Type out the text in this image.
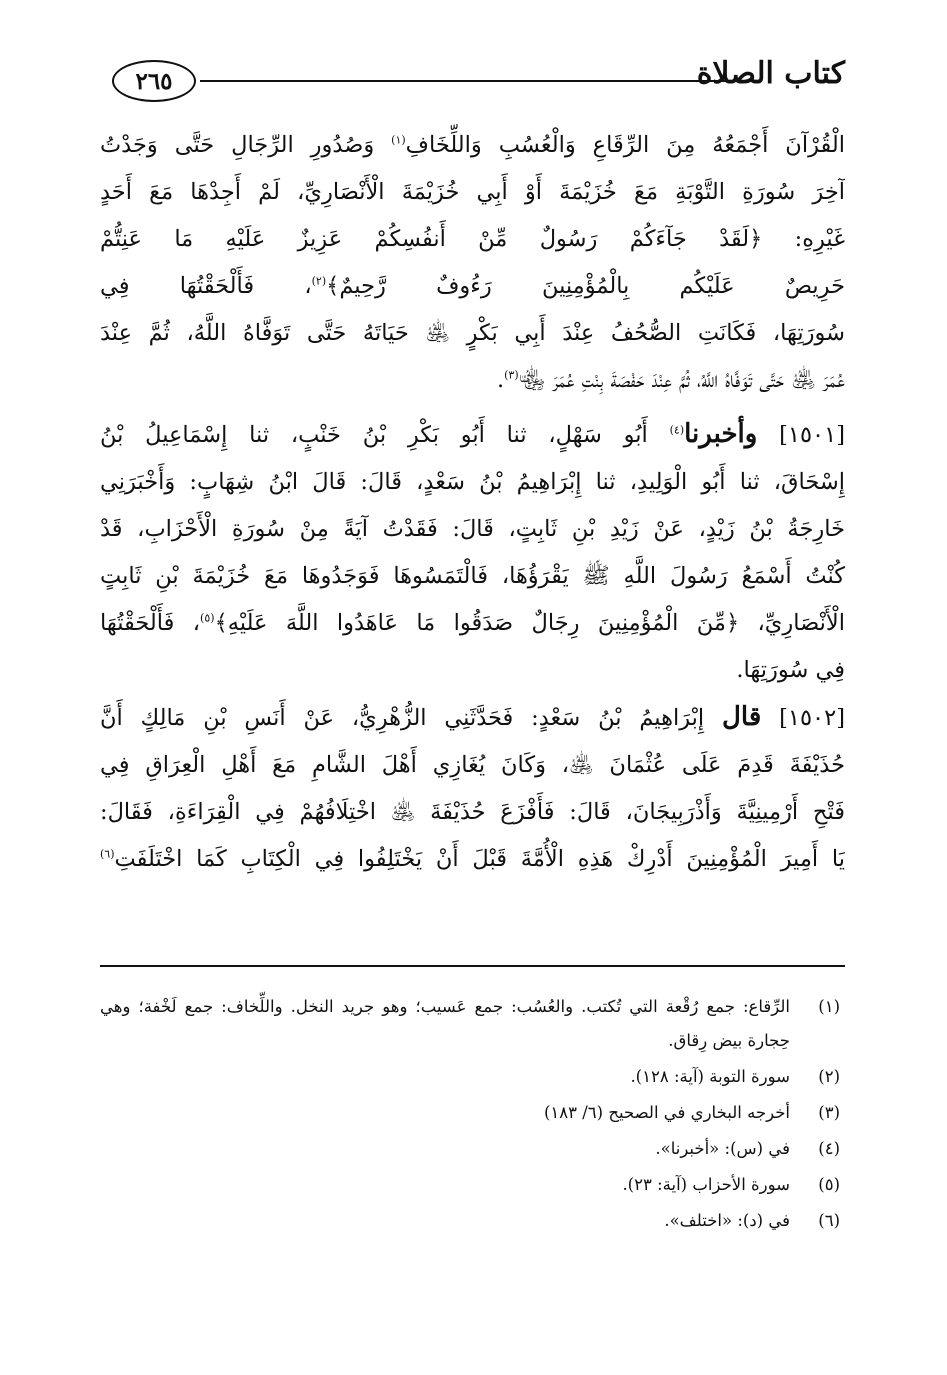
٢٦٥	كتاب الصلاة

الْقُرْآنَ أَجْمَعُهُ مِنَ الرِّقَاعِ وَالْعُسُبِ وَاللِّخَافِ$^{(١)}$ وَصُدُورِ الرِّجَالِ حَتَّى وَجَدْتُ
آخِرَ سُورَةِ التَّوْبَةِ مَعَ خُزَيْمَةَ أَوْ أَبِي خُزَيْمَةَ الْأَنْصَارِيِّ، لَمْ أَجِدْهَا مَعَ أَحَدٍ
غَيْرِهِ: ﴿لَقَدْ جَآءَكُمْ رَسُولٌ مِّنْ أَنفُسِكُمْ عَزِيزٌ عَلَيْهِ مَا عَنِتُّمْ
حَرِيصٌ عَلَيْكُم بِالْمُؤْمِنِينَ رَءُوفٌ رَّحِيمٌ﴾$^{(٢)}$، فَأَلْحَقْتُهَا فِي
سُورَتِهَا، فَكَانَتِ الصُّحُفُ عِنْدَ أَبِي بَكْرٍ ﵁ حَيَاتَهُ حَتَّى تَوَفَّاهُ اللَّهُ، ثُمَّ عِنْدَ
عُمَرَ ﵁ حَتَّى تَوَفَّاهُ اللَّهُ، ثُمَّ عِنْدَ حَفْصَةَ بِنْتِ عُمَرَ ﵄$^{(٣)}$.

[١٥٠١] وأخبرنا$^{(٤)}$ أَبُو سَهْلٍ، ثنا أَبُو بَكْرِ بْنُ خَنْبٍ، ثنا إِسْمَاعِيلُ بْنُ
إِسْحَاقَ، ثنا أَبُو الْوَلِيدِ، ثنا إِبْرَاهِيمُ بْنُ سَعْدٍ، قَالَ: قَالَ ابْنُ شِهَابٍ: وَأَخْبَرَنِي
خَارِجَةُ بْنُ زَيْدٍ، عَنْ زَيْدِ بْنِ ثَابِتٍ، قَالَ: فَقَدْتُ آيَةً مِنْ سُورَةِ الْأَحْزَابِ، قَدْ
كُنْتُ أَسْمَعُ رَسُولَ اللَّهِ ﷺ يَقْرَؤُهَا، فَالْتَمَسُوهَا فَوَجَدُوهَا مَعَ خُزَيْمَةَ بْنِ ثَابِتٍ
الْأَنْصَارِيِّ، ﴿مِّنَ الْمُؤْمِنِينَ رِجَالٌ صَدَقُوا مَا عَاهَدُوا اللَّهَ عَلَيْهِ﴾$^{(٥)}$، فَأَلْحَقْتُهَا
فِي سُورَتِهَا.

[١٥٠٢] قال إِبْرَاهِيمُ بْنُ سَعْدٍ: فَحَدَّثَنِي الزُّهْرِيُّ، عَنْ أَنَسِ بْنِ مَالِكٍ أَنَّ
حُذَيْفَةَ قَدِمَ عَلَى عُثْمَانَ ﵁، وَكَانَ يُغَازِي أَهْلَ الشَّامِ مَعَ أَهْلِ الْعِرَاقِ فِي
فَتْحِ أَرْمِينِيَّةَ وَأَذْرَبِيجَانَ، قَالَ: فَأَفْزَعَ حُذَيْفَةَ ﵁ اخْتِلَافُهُمْ فِي الْقِرَاءَةِ، فَقَالَ:
يَا أَمِيرَ الْمُؤْمِنِينَ أَدْرِكْ هَذِهِ الْأُمَّةَ قَبْلَ أَنْ يَخْتَلِفُوا فِي الْكِتَابِ كَمَا اخْتَلَفَتِ$^{(٦)}$

(١)
الرِّقاع: جمع رُقْعة التي تُكتب. والعُسُب: جمع عَسيب؛ وهو جريد النخل. واللِّخاف: جمع لَخْفة؛ وهي حِجارة بيض رِقاق.
(٢)
سورة التوبة (آية: ١٢٨).
(٣)
أخرجه البخاري في الصحيح (٦/ ١٨٣)
(٤)
في (س): «أخبرنا».
(٥)
سورة الأحزاب (آية: ٢٣).
(٦)
في (د): «اختلف».
